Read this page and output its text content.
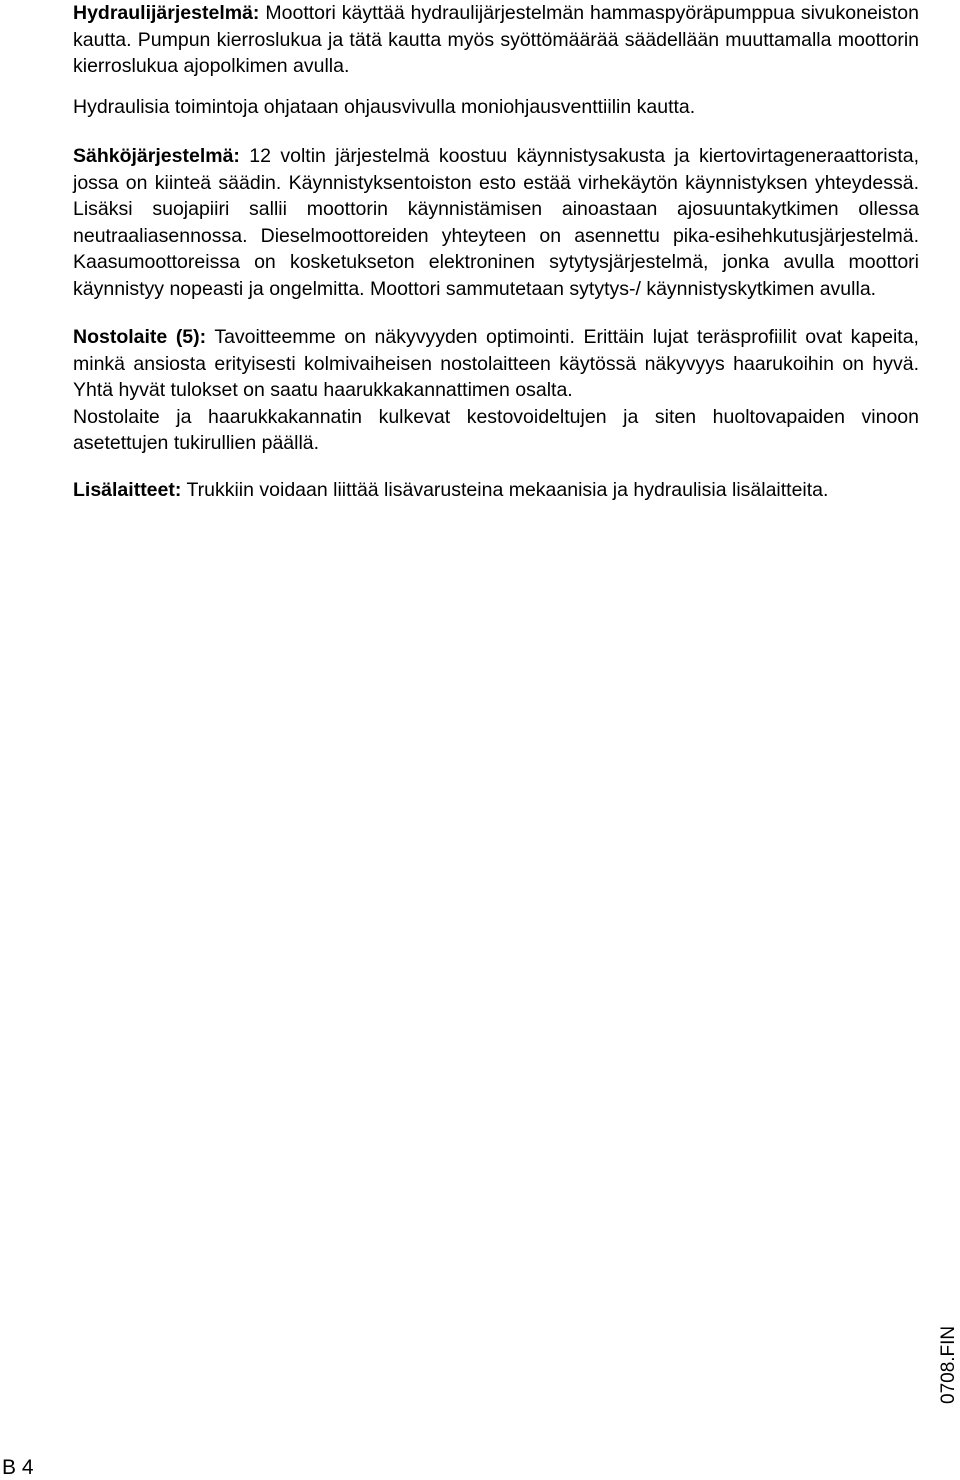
Hydraulijärjestelmä: Moottori käyttää hydraulijärjestelmän hammaspyöräpumppua sivukoneiston kautta. Pumpun kierroslukua ja tätä kautta myös syöttömäärää säädellään muuttamalla moottorin kierroslukua ajopolkimen avulla.

Hydraulisia toimintoja ohjataan ohjausvivulla moniohjausventtiilin kautta.

Sähköjärjestelmä: 12 voltin järjestelmä koostuu käynnistysakusta ja kiertovirtageneraattorista, jossa on kiinteä säädin. Käynnistyksentoiston esto estää virhekäytön käynnistyksen yhteydessä. Lisäksi suojapiiri sallii moottorin käynnistämisen ainoastaan ajosuuntakytkimen ollessa neutraaliasennossa. Dieselmoottoreiden yhteyteen on asennettu pika-esihehkutusjärjestelmä. Kaasumoottoreissa on kosketukseton elektroninen sytytysjärjestelmä, jonka avulla moottori käynnistyy nopeasti ja ongelmitta. Moottori sammutetaan sytytys-/ käynnistyskytkimen avulla.

Nostolaite (5): Tavoitteemme on näkyvyyden optimointi. Erittäin lujat teräsprofiilit ovat kapeita, minkä ansiosta erityisesti kolmivaiheisen nostolaitteen käytössä näkyvyys haarukoihin on hyvä. Yhtä hyvät tulokset on saatu haarukkakannattimen osalta.

Nostolaite ja haarukkakannatin kulkevat kestovoideltujen ja siten huoltovapaiden vinoon asetettujen tukirullien päällä.

Lisälaitteet: Trukkiin voidaan liittää lisävarusteina mekaanisia ja hydraulisia lisälaitteita.

0708.FIN
B 4
